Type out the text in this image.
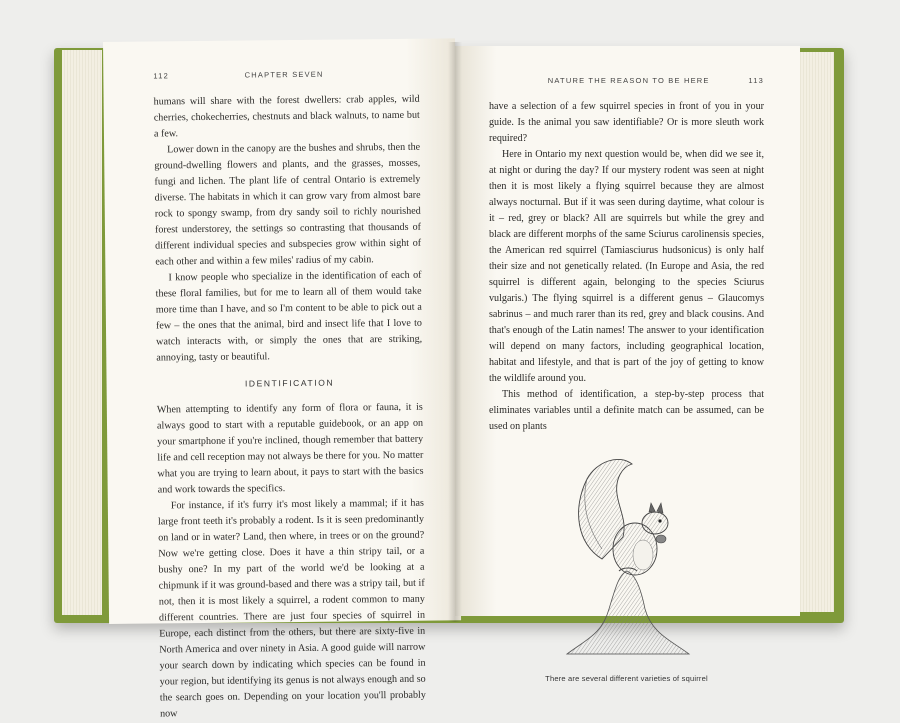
112	CHAPTER SEVEN

humans will share with the forest dwellers: crab apples, wild cherries, chokecherries, chestnuts and black walnuts, to name but a few.

Lower down in the canopy are the bushes and shrubs, then the ground-dwelling flowers and plants, and the grasses, mosses, fungi and lichen. The plant life of central Ontario is extremely diverse. The habitats in which it can grow vary from almost bare rock to spongy swamp, from dry sandy soil to richly nourished forest understorey, the settings so contrasting that thousands of different individual species and subspecies grow within sight of each other and within a few miles' radius of my cabin.

I know people who specialize in the identification of each of these floral families, but for me to learn all of them would take more time than I have, and so I'm content to be able to pick out a few – the ones that the animal, bird and insect life that I love to watch interacts with, or simply the ones that are striking, annoying, tasty or beautiful.

IDENTIFICATION

When attempting to identify any form of flora or fauna, it is always good to start with a reputable guidebook, or an app on your smartphone if you're inclined, though remember that battery life and cell reception may not always be there for you. No matter what you are trying to learn about, it pays to start with the basics and work towards the specifics.

For instance, if it's furry it's most likely a mammal; if it has large front teeth it's probably a rodent. Is it is seen predominantly on land or in water? Land, then where, in trees or on the ground? Now we're getting close. Does it have a thin stripy tail, or a bushy one? In my part of the world we'd be looking at a chipmunk if it was ground-based and there was a stripy tail, but if not, then it is most likely a squirrel, a rodent common to many different countries. There are just four species of squirrel in Europe, each distinct from the others, but there are sixty-five in North America and over ninety in Asia. A good guide will narrow your search down by indicating which species can be found in your region, but identifying its genus is not always enough and so the search goes on. Depending on your location you'll probably now

NATURE THE REASON TO BE HERE	113

have a selection of a few squirrel species in front of you in your guide. Is the animal you saw identifiable? Or is more sleuth work required?

Here in Ontario my next question would be, when did we see it, at night or during the day? If our mystery rodent was seen at night then it is most likely a flying squirrel because they are almost always nocturnal. But if it was seen during daytime, what colour is it – red, grey or black? All are squirrels but while the grey and black are different morphs of the same Sciurus carolinensis species, the American red squirrel (Tamiasciurus hudsonicus) is only half their size and not genetically related. (In Europe and Asia, the red squirrel is different again, belonging to the species Sciurus vulgaris.) The flying squirrel is a different genus – Glaucomys sabrinus – and much rarer than its red, grey and black cousins. And that's enough of the Latin names! The answer to your identification will depend on many factors, including geographical location, habitat and lifestyle, and that is part of the joy of getting to know the wildlife around you.

This method of identification, a step-by-step process that eliminates variables until a definite match can be assumed, can be used on plants

There are several different varieties of squirrel
